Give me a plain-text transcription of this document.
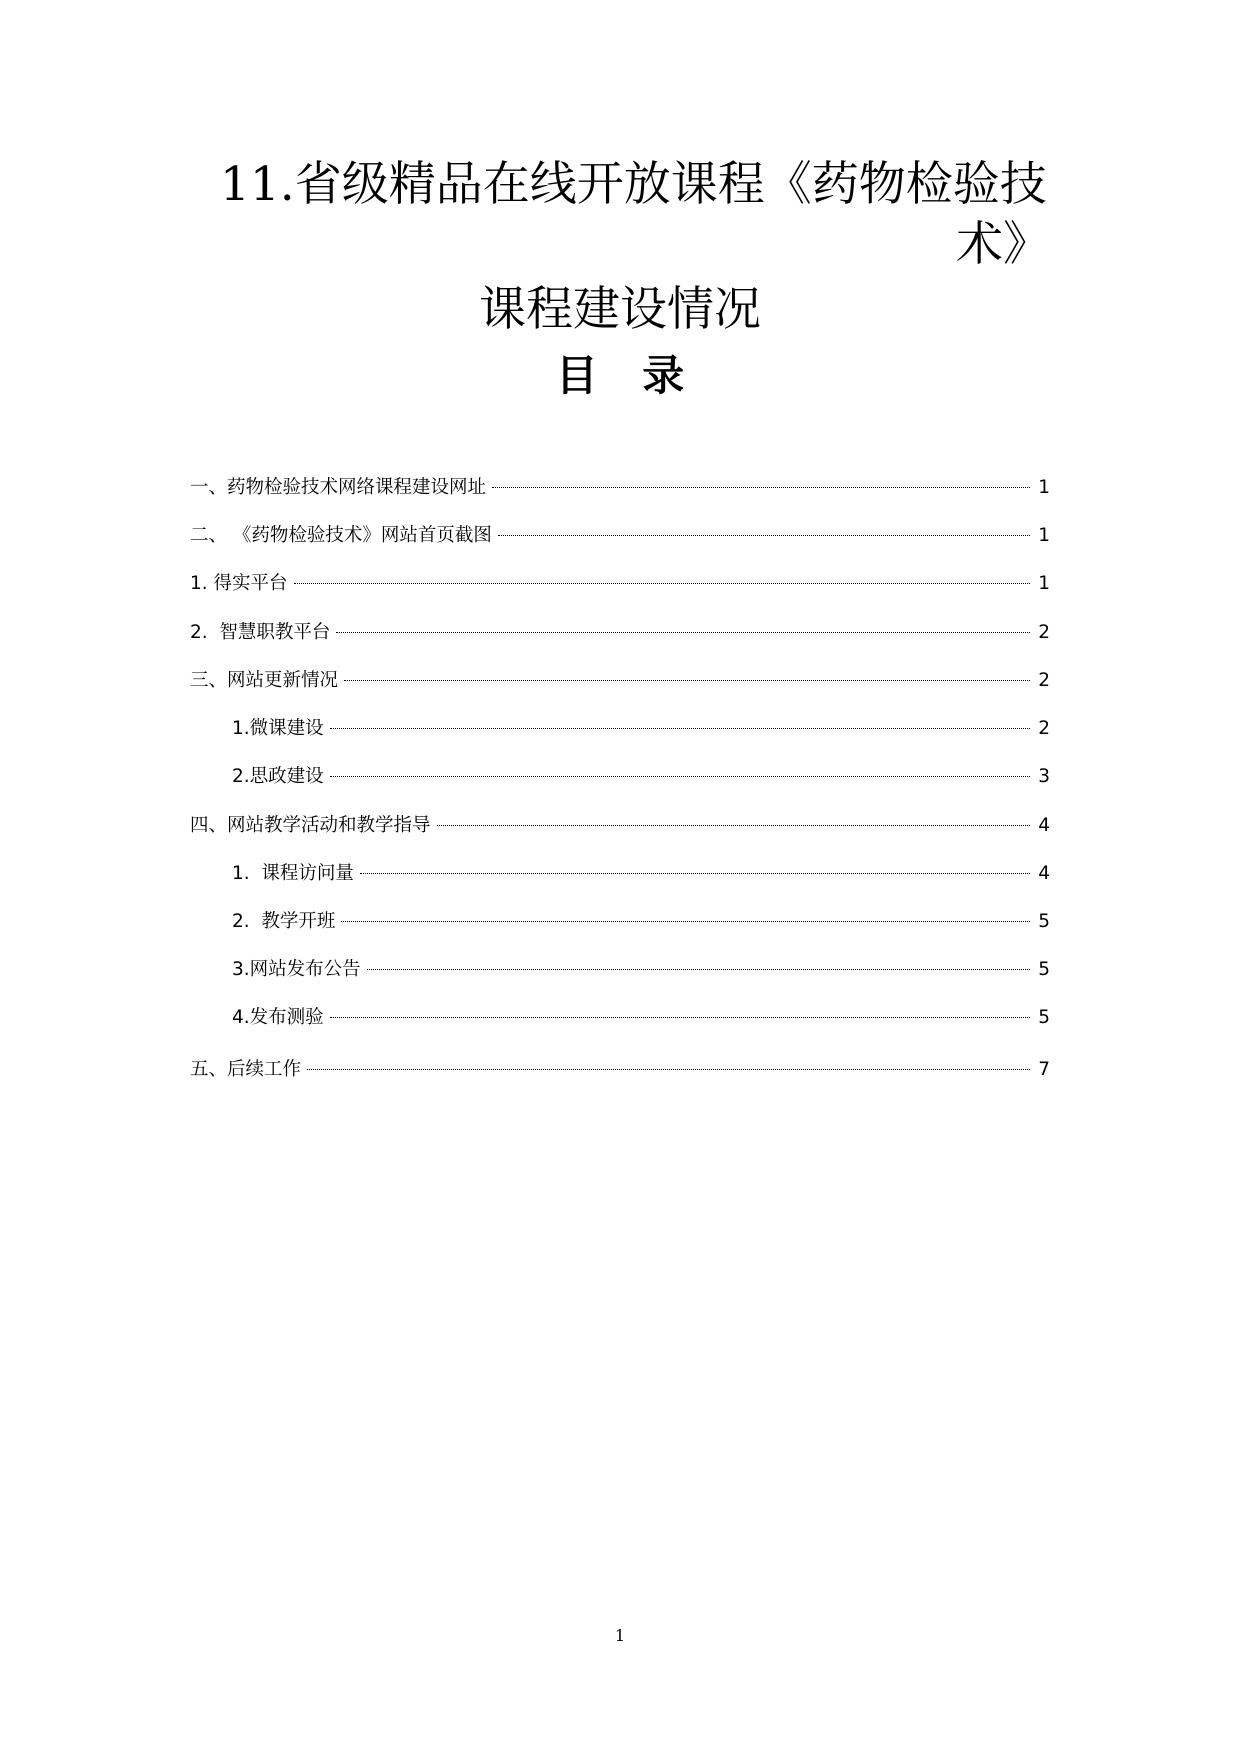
11.省级精品在线开放课程《药物检验技
术》
课程建设情况
目 录
一、药物检验技术网络课程建设网址	1
二、 《药物检验技术》网站首页截图	1
1. 得实平台	1
2.  智慧职教平台	2
三、网站更新情况	2
1.微课建设	2
2.思政建设	3
四、网站教学活动和教学指导	4
1.  课程访问量	4
2.  教学开班	5
3.网站发布公告	5
4.发布测验	5
五、后续工作	7
1
